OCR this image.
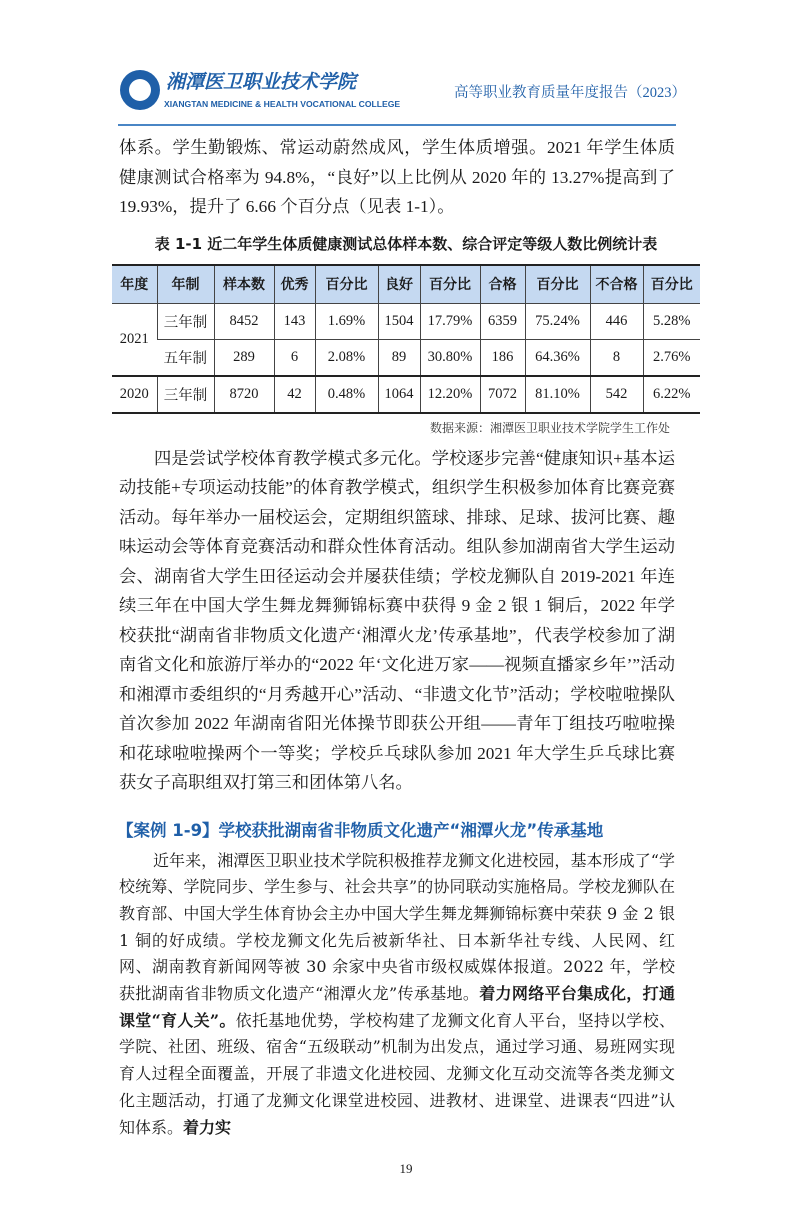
湘潭医卫职业技术学院
XIANGTAN MEDICINE & HEALTH VOCATIONAL COLLEGE
高等职业教育质量年度报告（2023）

体系。学生勤锻炼、常运动蔚然成风，学生体质增强。2021 年学生体质健康测试合格率为 94.8%，“良好”以上比例从 2020 年的 13.27%提高到了 19.93%，提升了 6.66 个百分点（见表 1-1）。

表 1-1 近二年学生体质健康测试总体样本数、综合评定等级人数比例统计表
年度	年制	样本数	优秀	百分比	良好	百分比	合格	百分比	不合格	百分比
2021	三年制	8452	143	1.69%	1504	17.79%	6359	75.24%	446	5.28%
	五年制	289	6	2.08%	89	30.80%	186	64.36%	8	2.76%
2020	三年制	8720	42	0.48%	1064	12.20%	7072	81.10%	542	6.22%
数据来源：湘潭医卫职业技术学院学生工作处

四是尝试学校体育教学模式多元化。学校逐步完善“健康知识+基本运动技能+专项运动技能”的体育教学模式，组织学生积极参加体育比赛竞赛活动。每年举办一届校运会，定期组织篮球、排球、足球、拔河比赛、趣味运动会等体育竞赛活动和群众性体育活动。组队参加湖南省大学生运动会、湖南省大学生田径运动会并屡获佳绩；学校龙狮队自 2019-2021 年连续三年在中国大学生舞龙舞狮锦标赛中获得 9 金 2 银 1 铜后，2022 年学校获批“湖南省非物质文化遗产‘湘潭火龙’传承基地”，代表学校参加了湖南省文化和旅游厅举办的“2022 年‘文化进万家——视频直播家乡年’”活动和湘潭市委组织的“月秀越开心”活动、“非遗文化节”活动；学校啦啦操队首次参加 2022 年湖南省阳光体操节即获公开组——青年丁组技巧啦啦操和花球啦啦操两个一等奖；学校乒乓球队参加 2021 年大学生乒乓球比赛获女子高职组双打第三和团体第八名。

【案例 1-9】学校获批湖南省非物质文化遗产“湘潭火龙”传承基地

近年来，湘潭医卫职业技术学院积极推荐龙狮文化进校园，基本形成了“学校统筹、学院同步、学生参与、社会共享”的协同联动实施格局。学校龙狮队在教育部、中国大学生体育协会主办中国大学生舞龙舞狮锦标赛中荣获 9 金 2 银 1 铜的好成绩。学校龙狮文化先后被新华社、日本新华社专线、人民网、红网、湖南教育新闻网等被 30 余家中央省市级权威媒体报道。2022 年，学校获批湖南省非物质文化遗产“湘潭火龙”传承基地。着力网络平台集成化，打通课堂“育人关”。依托基地优势，学校构建了龙狮文化育人平台，坚持以学校、学院、社团、班级、宿舍“五级联动”机制为出发点，通过学习通、易班网实现育人过程全面覆盖，开展了非遗文化进校园、龙狮文化互动交流等各类龙狮文化主题活动，打通了龙狮文化课堂进校园、进教材、进课堂、进课表“四进”认知体系。着力实

19
